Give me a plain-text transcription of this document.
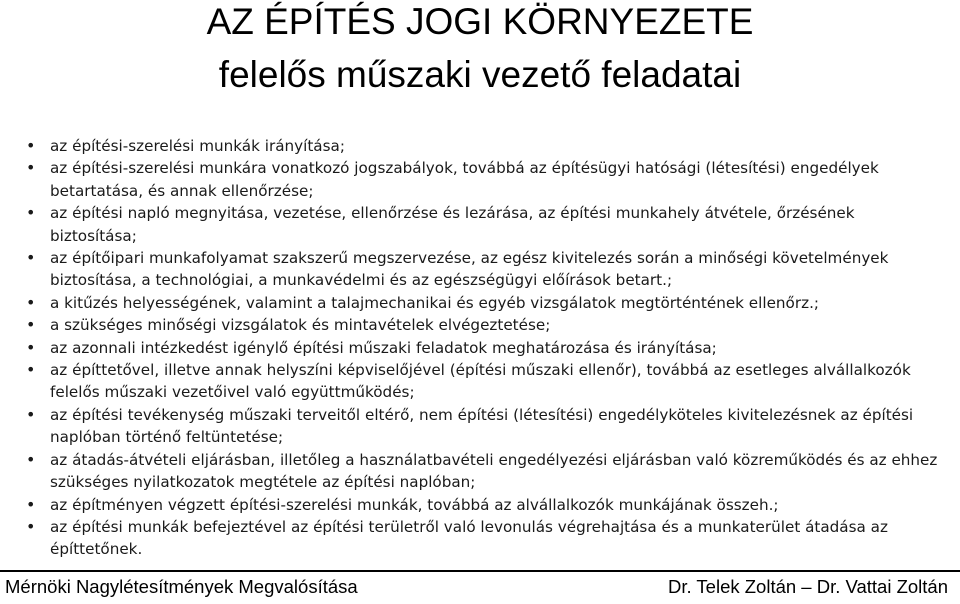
AZ ÉPÍTÉS JOGI KÖRNYEZETE
felelős műszaki vezető feladatai
• az építési-szerelési munkák irányítása;
• az építési-szerelési munkára vonatkozó jogszabályok, továbbá az építésügyi hatósági (létesítési) engedélyek betartatása, és annak ellenőrzése;
• az építési napló megnyitása, vezetése, ellenőrzése és lezárása, az építési munkahely átvétele, őrzésének biztosítása;
• az építőipari munkafolyamat szakszerű megszervezése, az egész kivitelezés során a minőségi követelmények biztosítása, a technológiai, a munkavédelmi és az egészségügyi előírások betart.;
• a kitűzés helyességének, valamint a talajmechanikai és egyéb vizsgálatok megtörténtének ellenőrz.;
• a szükséges minőségi vizsgálatok és mintavételek elvégeztetése;
• az azonnali intézkedést igénylő építési műszaki feladatok meghatározása és irányítása;
• az építtetővel, illetve annak helyszíni képviselőjével (építési műszaki ellenőr), továbbá az esetleges alvállalkozók felelős műszaki vezetőivel való együttműködés;
• az építési tevékenység műszaki terveitől eltérő, nem építési (létesítési) engedélyköteles kivitelezésnek az építési naplóban történő feltüntetése;
• az átadás-átvételi eljárásban, illetőleg a használatbavételi engedélyezési eljárásban való közreműködés és az ehhez szükséges nyilatkozatok megtétele az építési naplóban;
• az építményen végzett építési-szerelési munkák, továbbá az alvállalkozók munkájának összeh.;
• az építési munkák befejeztével az építési területről való levonulás végrehajtása és a munkaterület átadása az építtetőnek.
Mérnöki Nagylétesítmények Megvalósítása	Dr. Telek Zoltán – Dr. Vattai Zoltán
